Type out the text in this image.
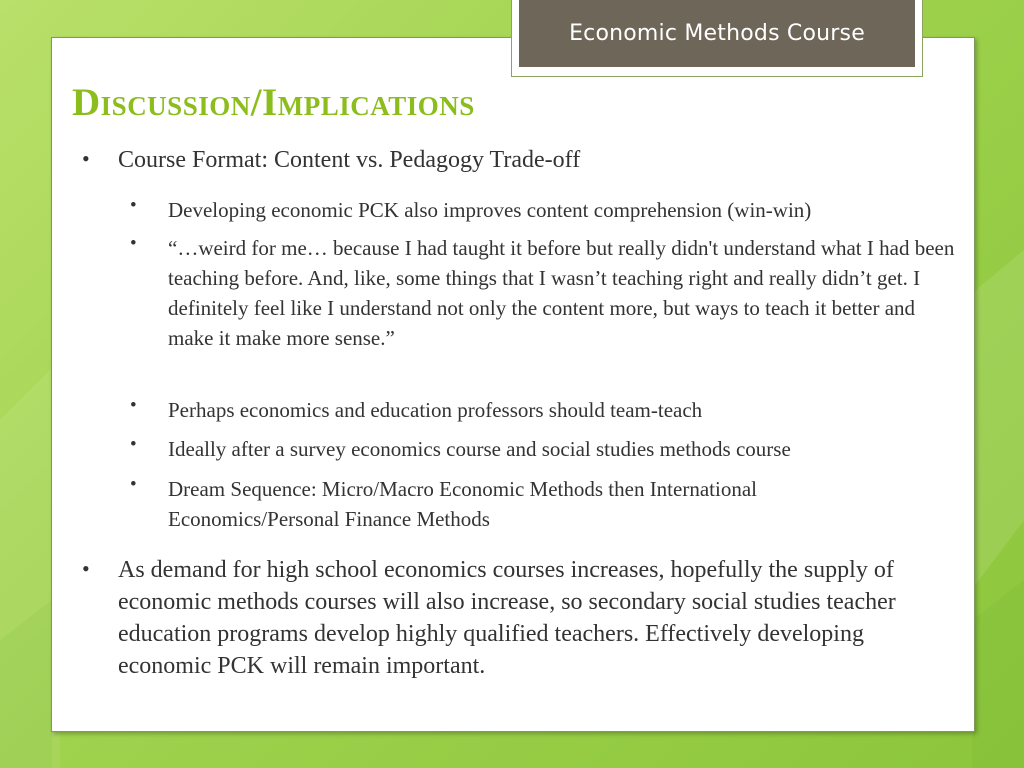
Economic Methods Course
Discussion/Implications
• Course Format: Content vs. Pedagogy Trade-off
• Developing economic PCK also improves content comprehension (win-win)
• “…weird for me… because I had taught it before but really didn't understand what I had been teaching before. And, like, some things that I wasn’t teaching right and really didn’t get. I definitely feel like I understand not only the content more, but ways to teach it better and make it make more sense.”
• Perhaps economics and education professors should team-teach
• Ideally after a survey economics course and social studies methods course
• Dream Sequence: Micro/Macro Economic Methods then International Economics/Personal Finance Methods
• As demand for high school economics courses increases, hopefully the supply of economic methods courses will also increase, so secondary social studies teacher education programs develop highly qualified teachers. Effectively developing economic PCK will remain important.
